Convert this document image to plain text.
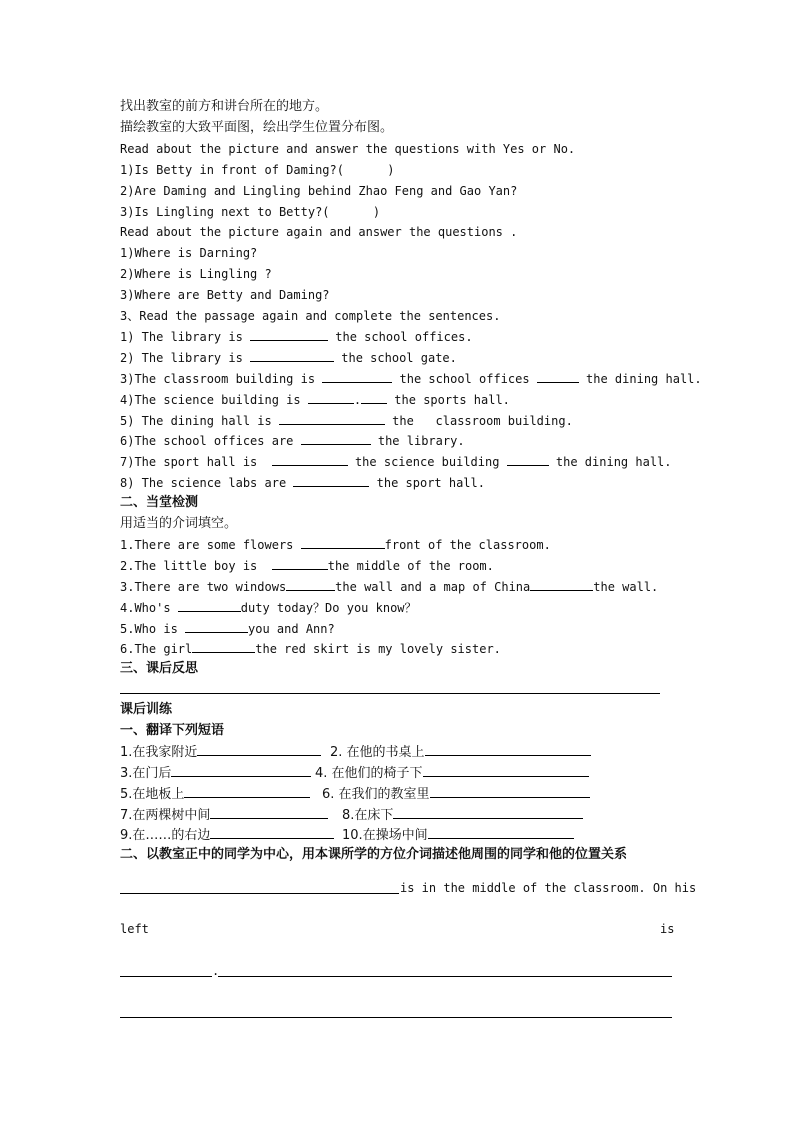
找出教室的前方和讲台所在的地方。
描绘教室的大致平面图，绘出学生位置分布图。
Read about the picture and answer the questions with Yes or No.
1)Is Betty in front of Daming?(      )
2)Are Daming and Lingling behind Zhao Feng and Gao Yan?
3)Is Lingling next to Betty?(      )
Read about the picture again and answer the questions .
1)Where is Darning?
2)Where is Lingling ?
3)Where are Betty and Daming?
3、Read the passage again and complete the sentences.
1) The library is	the school offices.
2) The library is	the school gate.
3)The classroom building is	the school offices	the dining hall.
4)The science building is	. the sports hall.
5) The dining hall is	the   classroom building.
6)The school offices are	the library.
7)The sport hall is	the science building	the dining hall.
8) The science labs are	the sport hall.
二、当堂检测
用适当的介词填空。
1.There are some flowers	front of the classroom.
2.The little boy is	the middle of the room.
3.There are two windows	the wall and a map of China	the wall.
4.Who's	duty today？Do you know？
5.Who is	you and Ann?
6.The girl	the red skirt is my lovely sister.
三、课后反思
课后训练
一、翻译下列短语
1.在我家附近	2. 在他的书桌上
3.在门后	4. 在他们的椅子下
5.在地板上	6. 在我们的教室里
7.在两棵树中间	8.在床下
9.在……的右边	10.在操场中间
二、以教室正中的同学为中心，用本课所学的方位介词描述他周围的同学和他的位置关系
is in the middle of the classroom. On his
left	is
.
